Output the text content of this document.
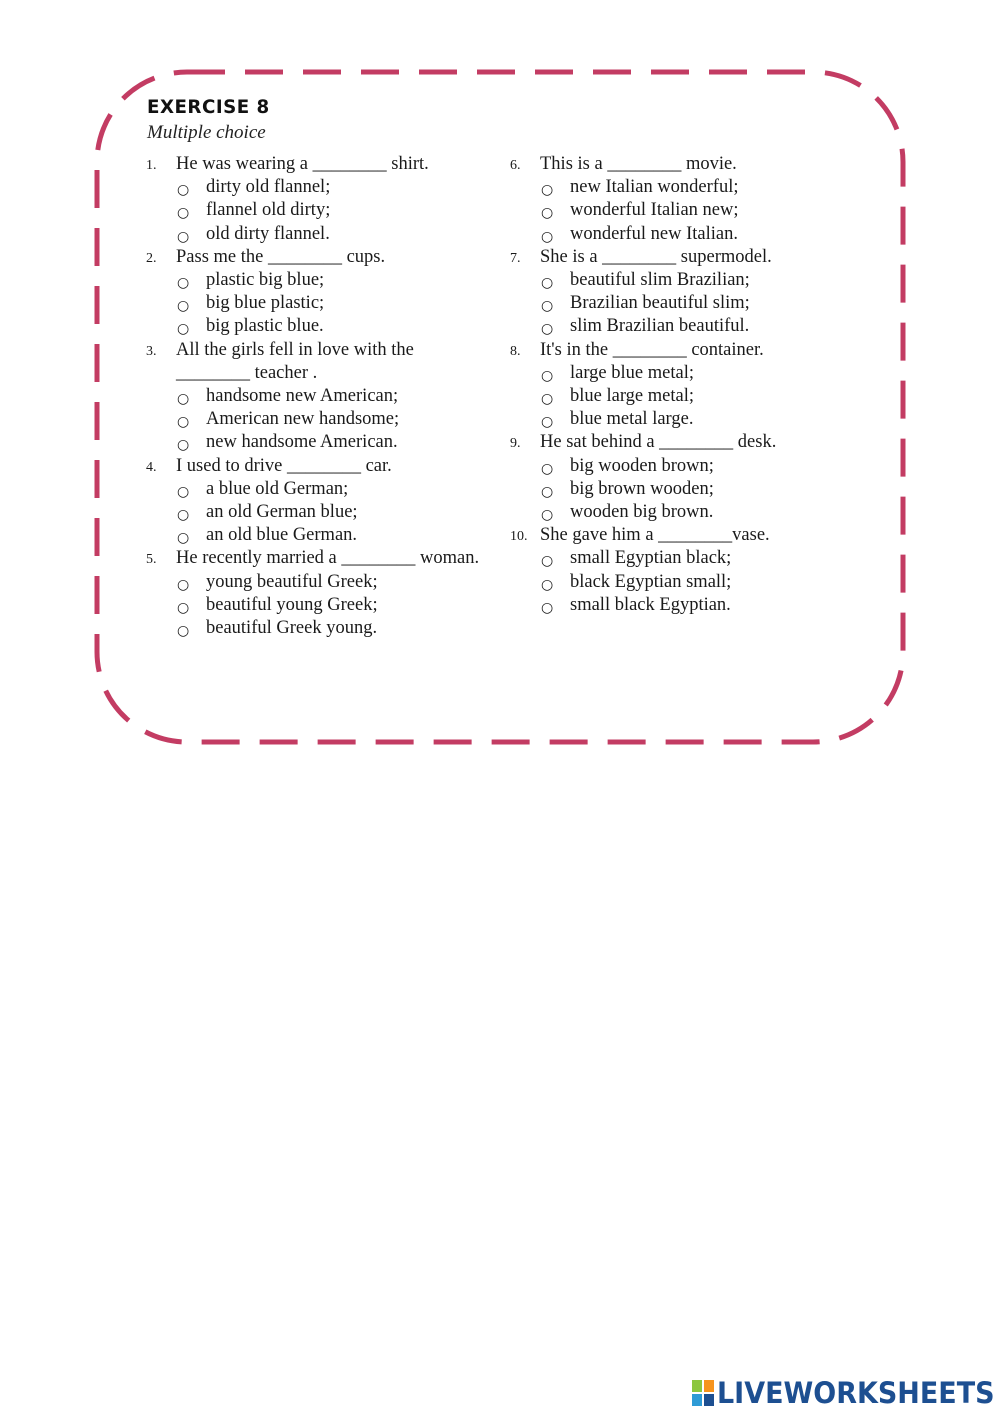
EXERCISE 8
Multiple choice
1. He was wearing a ________ shirt.
○ dirty old flannel;
○ flannel old dirty;
○ old dirty flannel.
2. Pass me the ________ cups.
○ plastic big blue;
○ big blue plastic;
○ big plastic blue.
3. All the girls fell in love with the ________ teacher .
○ handsome new American;
○ American new handsome;
○ new handsome American.
4. I used to drive ________ car.
○ a blue old German;
○ an old German blue;
○ an old blue German.
5. He recently married a ________ woman.
○ young beautiful Greek;
○ beautiful young Greek;
○ beautiful Greek young.
6. This is a ________ movie.
○ new Italian wonderful;
○ wonderful Italian new;
○ wonderful new Italian.
7. She is a ________ supermodel.
○ beautiful slim Brazilian;
○ Brazilian beautiful slim;
○ slim Brazilian beautiful.
8. It's in the ________ container.
○ large blue metal;
○ blue large metal;
○ blue metal large.
9. He sat behind a ________ desk.
○ big wooden brown;
○ big brown wooden;
○ wooden big brown.
10. She gave him a ________vase.
○ small Egyptian black;
○ black Egyptian small;
○ small black Egyptian.
LIVEWORKSHEETS
